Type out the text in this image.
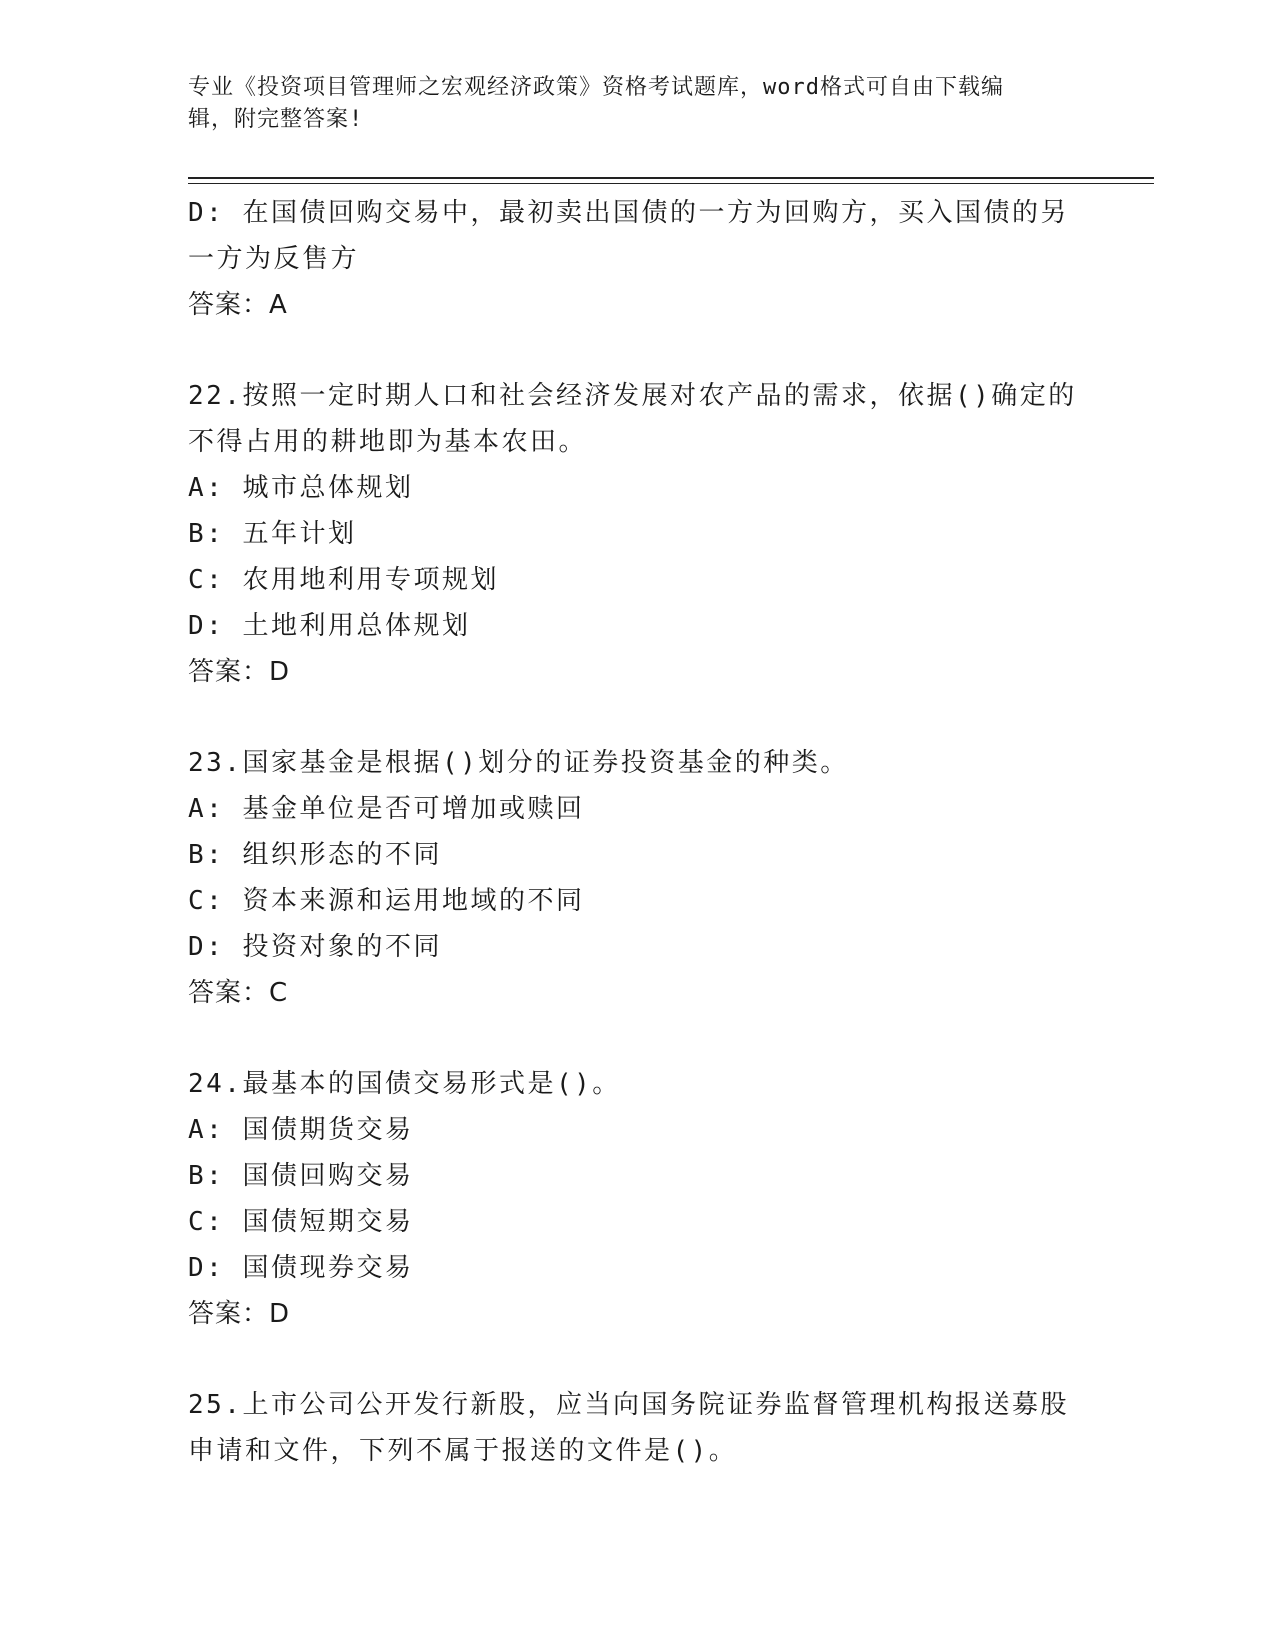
专业《投资项目管理师之宏观经济政策》资格考试题库，word格式可自由下载编
辑，附完整答案!
D: 在国债回购交易中，最初卖出国债的一方为回购方，买入国债的另
一方为反售方
答案：A
22.按照一定时期人口和社会经济发展对农产品的需求，依据()确定的
不得占用的耕地即为基本农田。
A: 城市总体规划
B: 五年计划
C: 农用地利用专项规划
D: 土地利用总体规划
答案：D
23.国家基金是根据()划分的证券投资基金的种类。
A: 基金单位是否可增加或赎回
B: 组织形态的不同
C: 资本来源和运用地域的不同
D: 投资对象的不同
答案：C
24.最基本的国债交易形式是()。
A: 国债期货交易
B: 国债回购交易
C: 国债短期交易
D: 国债现券交易
答案：D
25.上市公司公开发行新股，应当向国务院证券监督管理机构报送募股
申请和文件，下列不属于报送的文件是()。
